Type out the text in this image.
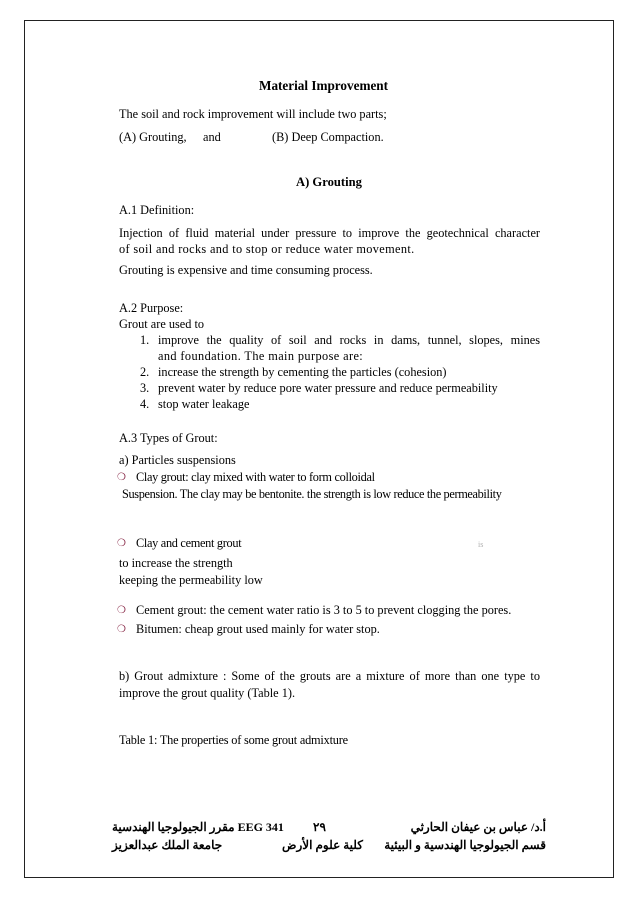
Material Improvement
The soil and rock improvement will include two parts;
(A) Grouting, and	(B) Deep Compaction.
A) Grouting
A.1 Definition:
Injection of fluid material under pressure to improve the geotechnical character
of soil and rocks and to stop or reduce water movement.
Grouting is expensive and time consuming process.
A.2 Purpose:
Grout are used to
1. improve the quality of soil and rocks in dams, tunnel, slopes, mines
and foundation. The main purpose are:
2. increase the strength by cementing the particles (cohesion)
3. prevent water by reduce pore water pressure and reduce permeability
4. stop water leakage
A.3 Types of Grout:
a) Particles suspensions
❍ Clay grout: clay mixed with water to form colloidal
Suspension. The clay may be bentonite. the strength is low reduce the permeability
❍ Clay and cement grout	is
to increase the strength
keeping the permeability low
❍ Cement grout: the cement water ratio is 3 to 5 to prevent clogging the pores.
❍ Bitumen: cheap grout used mainly for water stop.
b) Grout admixture : Some of the grouts are a mixture of more than one type to
improve the grout quality (Table 1).
Table 1: The properties of some grout admixture
EEG 341 مقرر الجيولوجيا الهندسية ٢٩	أ.د/ عباس بن عيفان الحارثي
جامعة الملك عبدالعزيز	كلية علوم الأرض قسم الجيولوجيا الهندسية و البيئية
